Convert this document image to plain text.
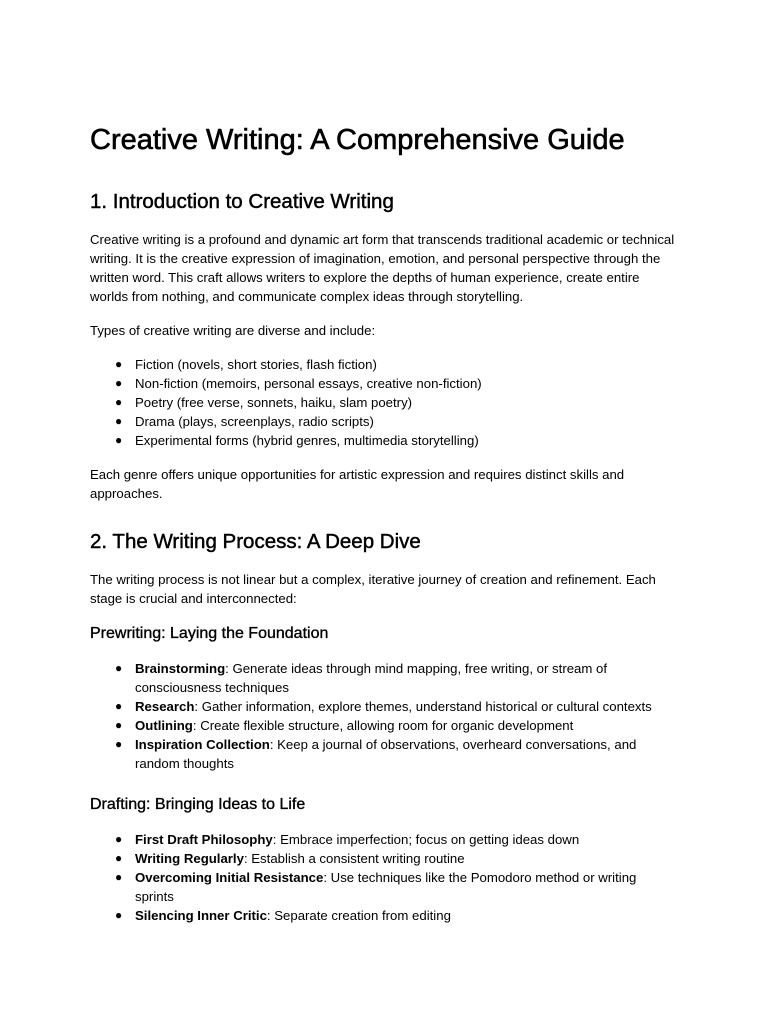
Creative Writing: A Comprehensive Guide
1. Introduction to Creative Writing

Creative writing is a profound and dynamic art form that transcends traditional academic or technical writing. It is the creative expression of imagination, emotion, and personal perspective through the written word. This craft allows writers to explore the depths of human experience, create entire worlds from nothing, and communicate complex ideas through storytelling.

Types of creative writing are diverse and include:

● Fiction (novels, short stories, flash fiction)
● Non-fiction (memoirs, personal essays, creative non-fiction)
● Poetry (free verse, sonnets, haiku, slam poetry)
● Drama (plays, screenplays, radio scripts)
● Experimental forms (hybrid genres, multimedia storytelling)

Each genre offers unique opportunities for artistic expression and requires distinct skills and approaches.

2. The Writing Process: A Deep Dive

The writing process is not linear but a complex, iterative journey of creation and refinement. Each stage is crucial and interconnected:

Prewriting: Laying the Foundation
● Brainstorming: Generate ideas through mind mapping, free writing, or stream of consciousness techniques
● Research: Gather information, explore themes, understand historical or cultural contexts
● Outlining: Create flexible structure, allowing room for organic development
● Inspiration Collection: Keep a journal of observations, overheard conversations, and random thoughts
Drafting: Bringing Ideas to Life
● First Draft Philosophy: Embrace imperfection; focus on getting ideas down
● Writing Regularly: Establish a consistent writing routine
● Overcoming Initial Resistance: Use techniques like the Pomodoro method or writing sprints
● Silencing Inner Critic: Separate creation from editing
